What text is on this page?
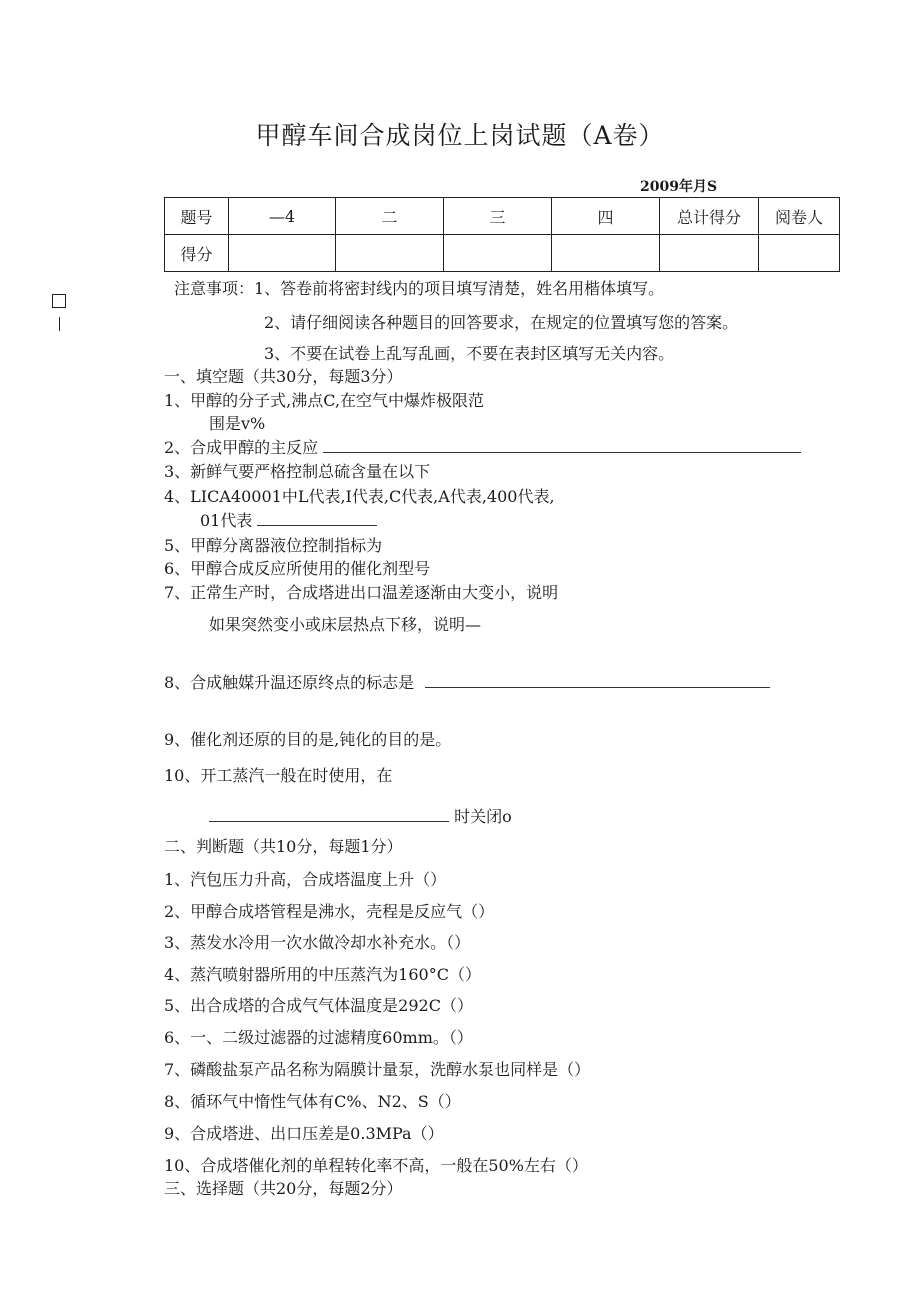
甲醇车间合成岗位上岗试题（A卷）
2009年月S
题号	—4	二	三	四	总计得分	阅卷人
得分						
注意事项：1、答卷前将密封线内的项目填写清楚，姓名用楷体填写。
2、请仔细阅读各种题目的回答要求，在规定的位置填写您的答案。
3、不要在试卷上乱写乱画，不要在表封区填写无关内容。
一、填空题（共30分，每题3分）
1、甲醇的分子式,沸点C,在空气中爆炸极限范
围是v%
2、合成甲醇的主反应
3、新鲜气要严格控制总硫含量在以下
4、LICA40001中L代表,I代表,C代表,A代表,400代表,
01代表
5、甲醇分离器液位控制指标为
6、甲醇合成反应所使用的催化剂型号
7、正常生产时，合成塔进出口温差逐渐由大变小，说明
如果突然变小或床层热点下移，说明—
8、合成触媒升温还原终点的标志是
9、催化剂还原的目的是,钝化的目的是。
10、开工蒸汽一般在时使用，在
时关闭o
二、判断题（共10分，每题1分）
1、汽包压力升高，合成塔温度上升（）
2、甲醇合成塔管程是沸水，壳程是反应气（）
3、蒸发水冷用一次水做冷却水补充水。（）
4、蒸汽喷射器所用的中压蒸汽为160°C（）
5、出合成塔的合成气气体温度是292C（）
6、一、二级过滤器的过滤精度60mm。（）
7、磷酸盐泵产品名称为隔膜计量泵，洗醇水泵也同样是（）
8、循环气中惰性气体有C%、N2、S（）
9、合成塔进、出口压差是0.3MPa（）
10、合成塔催化剂的单程转化率不高，一般在50%左右（）
三、选择题（共20分，每题2分）
